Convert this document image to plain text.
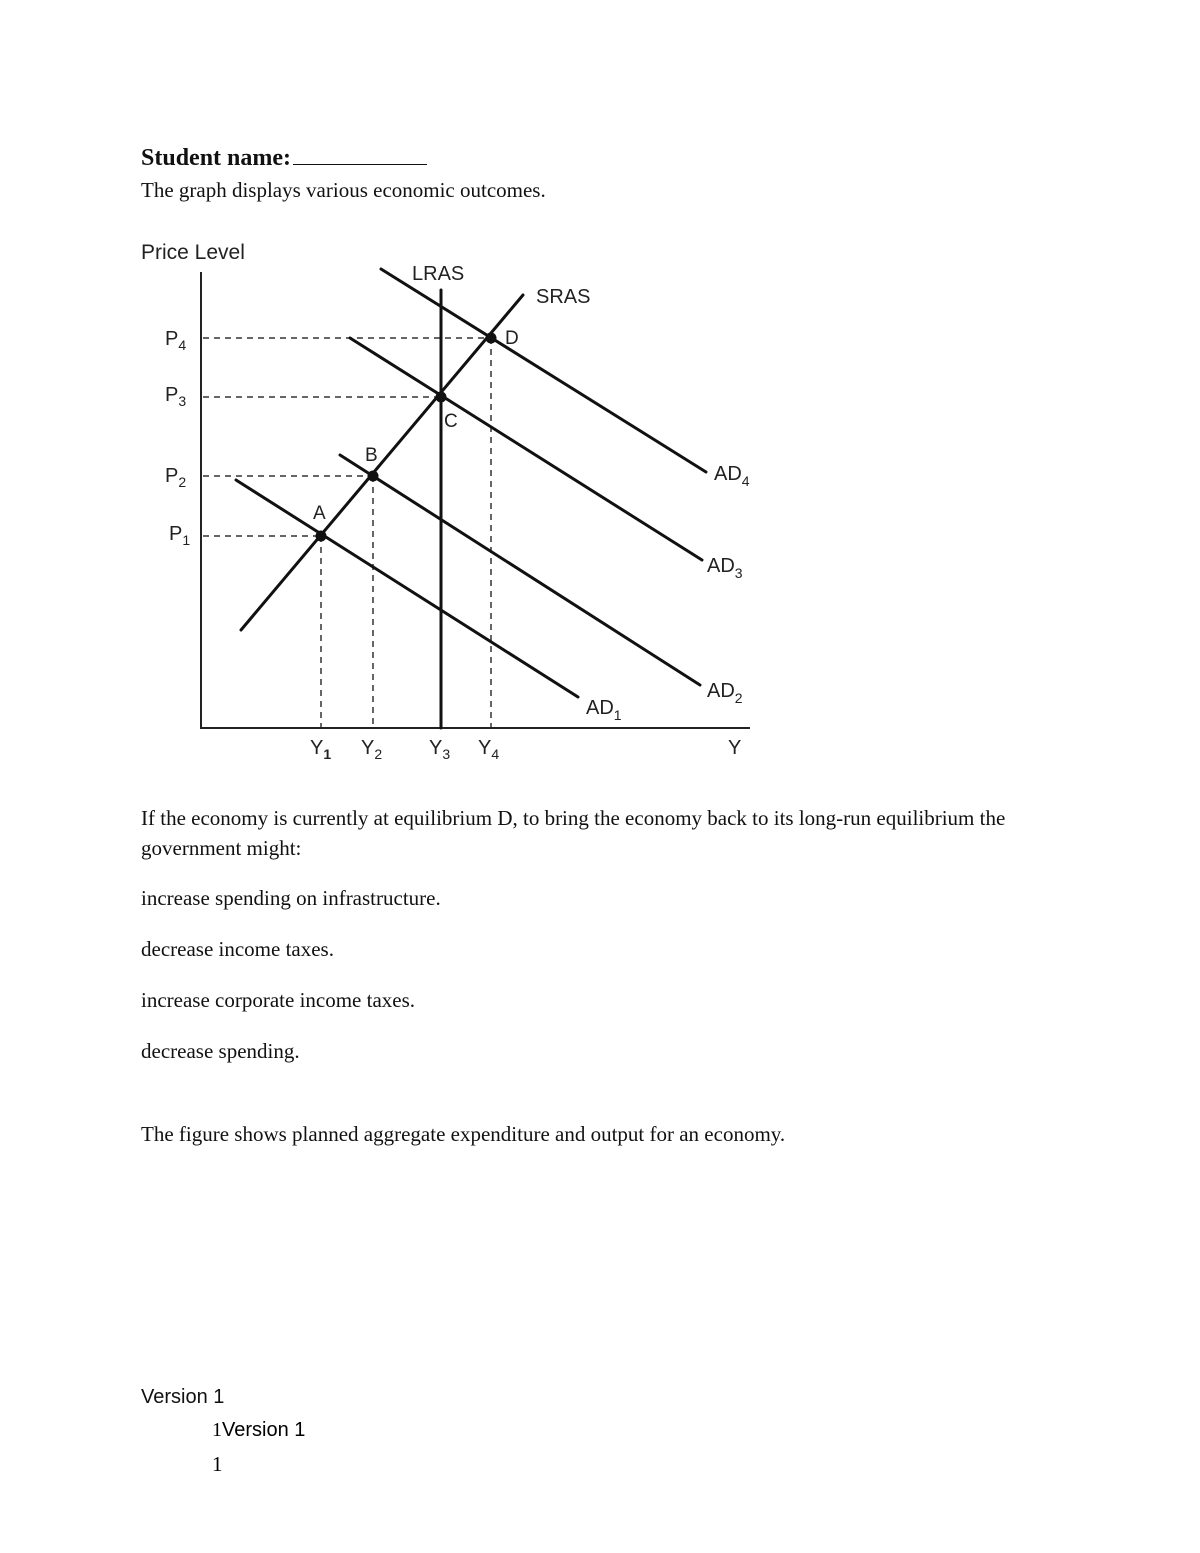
Student name:
The graph displays various economic outcomes.
Price Level
A
B
C
D
LRAS
SRAS
$AD_1$
$AD_2$
$AD_3$
$AD_4$
$P_4$
$P_3$
$P_2$
$P_1$
$Y_1$ $Y_2$ $Y_3$ $Y_4$	Y
If the economy is currently at equilibrium D, to bring the economy back to its long-run equilibrium the government might:
increase spending on infrastructure.
decrease income taxes.
increase corporate income taxes.
decrease spending.
The figure shows planned aggregate expenditure and output for an economy.
Version 1
1Version 1
1
